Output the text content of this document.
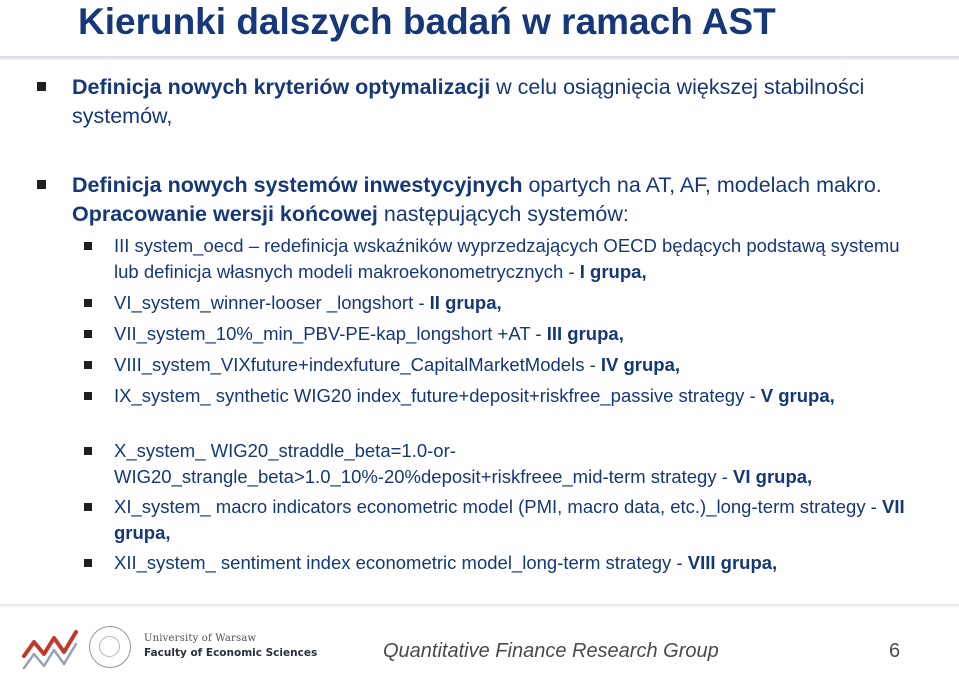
Kierunki dalszych badań w ramach AST
Definicja nowych kryteriów optymalizacji w celu osiągnięcia większej stabilności systemów,
Definicja nowych systemów inwestycyjnych opartych na AT, AF, modelach makro. Opracowanie wersji końcowej następujących systemów:
III system_oecd – redefinicja wskaźników wyprzedzających OECD będących podstawą systemu lub definicja własnych modeli makroekonometrycznych - I grupa,
VI_system_winner-looser _longshort - II grupa,
VII_system_10%_min_PBV-PE-kap_longshort +AT - III grupa,
VIII_system_VIXfuture+indexfuture_CapitalMarketModels - IV grupa,
IX_system_ synthetic WIG20 index_future+deposit+riskfree_passive strategy - V grupa,
X_system_ WIG20_straddle_beta=1.0-or-WIG20_strangle_beta>1.0_10%-20%deposit+riskfreee_mid-term strategy - VI grupa,
XI_system_ macro indicators econometric model (PMI, macro data, etc.)_long-term strategy - VII grupa,
XII_system_ sentiment index econometric model_long-term strategy - VIII grupa,
University of Warsaw
Faculty of Economic Sciences	Quantitative Finance Research Group	6
